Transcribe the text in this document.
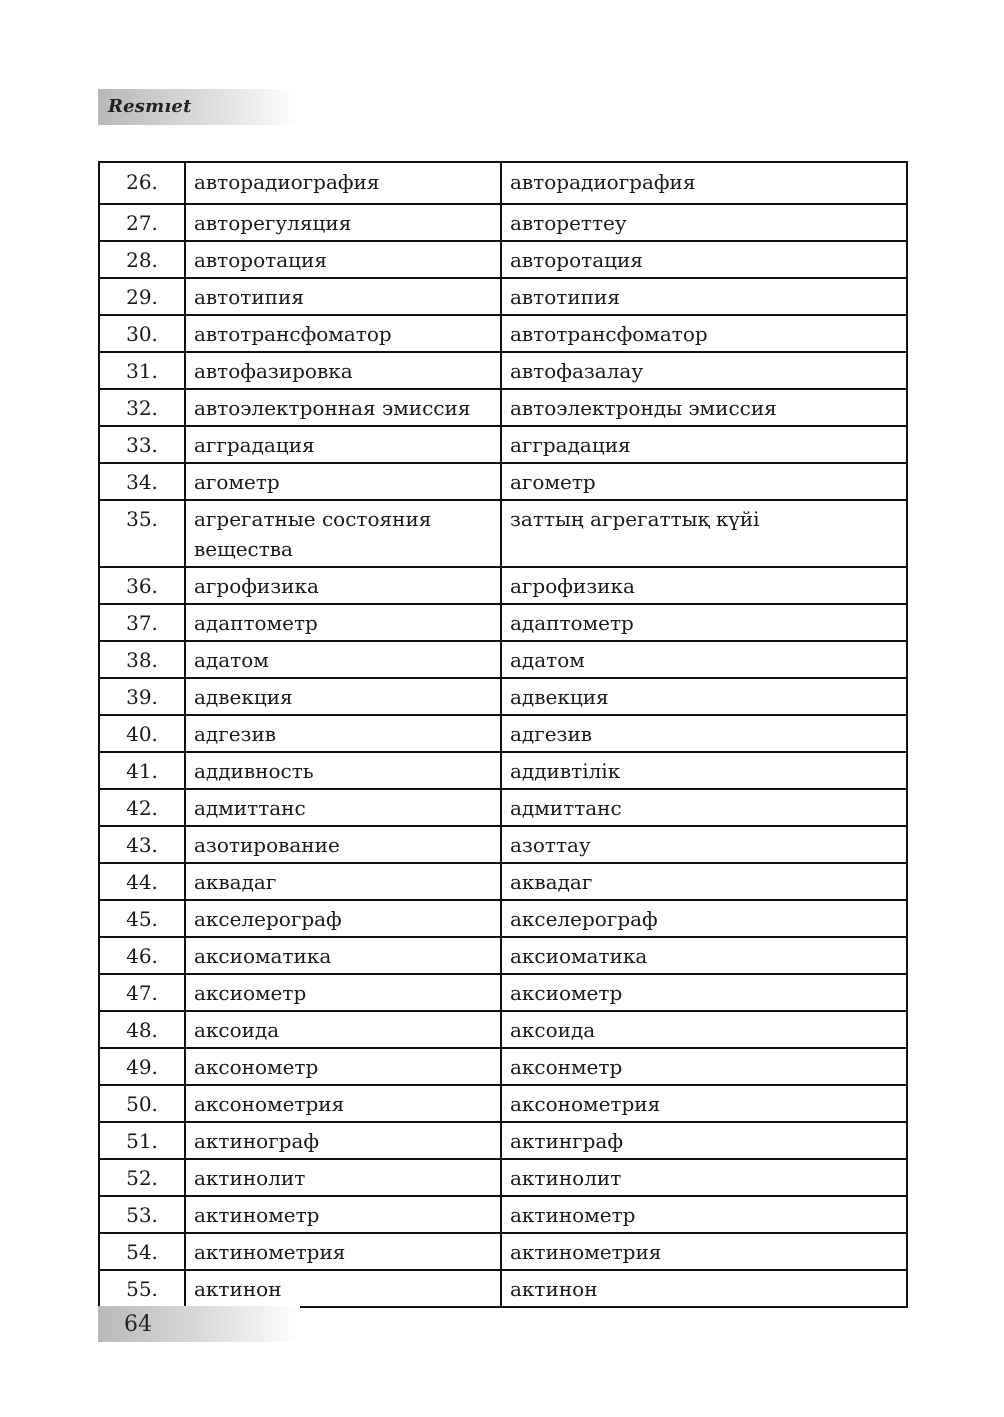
Resmıet
26.	авторадиография	авторадиография
27.	авторегуляция	автореттеу
28.	авторотация	авторотация
29.	автотипия	автотипия
30.	автотрансфоматор	автотрансфоматор
31.	автофазировка	автофазалау
32.	автоэлектронная эмиссия	автоэлектронды эмиссия
33.	аггрaдация	аггрaдация
34.	агометр	агометр
35.	агрегатные состояния вещества	заттың агрегаттық күйі
36.	агрофизика	агрофизика
37.	адаптометр	адаптометр
38.	адатом	адатом
39.	адвекция	адвекция
40.	адгезив	адгезив
41.	аддивность	аддивтілік
42.	адмиттанс	адмиттанс
43.	азотирование	азоттау
44.	аквадаг	аквадаг
45.	акселерограф	акселерограф
46.	аксиоматика	аксиоматика
47.	аксиометр	аксиометр
48.	аксоида	аксоида
49.	аксонометр	аксонметр
50.	аксонометрия	аксонометрия
51.	актинограф	актинграф
52.	актинолит	актинолит
53.	актинометр	актинометр
54.	актинометрия	актинометрия
55.	актинон	актинон
64
